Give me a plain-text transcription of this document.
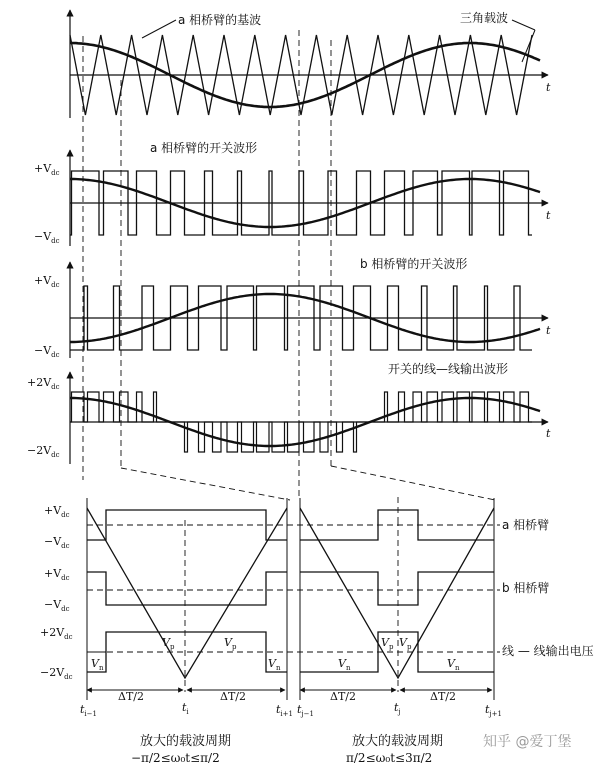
t
a 相桥臂的基波	三角载波
t
a 相桥臂的开关波形
$+V_{dc}$
$-V_{dc}$
t
b 相桥臂的开关波形
$+V_{dc}$
$-V_{dc}$
t
开关的线—线输出波形
$+2V_{dc}$
$-2V_{dc}$
$+V_{dc}$
$-V_{dc}$
$+V_{dc}$
$-V_{dc}$
$+2V_{dc}$
$-2V_{dc}$
a 相桥臂
b 相桥臂
线 — 线输出电压
$V_p$	$V_p$
$V_n$	$V_n$
$V_p$ $V_p$
$V_n$	$V_n$
ΔT/2	ΔT/2	ΔT/2	ΔT/2
$t_{i-1}$	$t_i$	$t_{i+1}$ $t_{j-1}$	$t_j$	$t_{j+1}$
放大的载波周期
−π/2≤ω₀t≤π/2
放大的载波周期
π/2≤ω₀t≤3π/2
知乎 @爱丁堡
